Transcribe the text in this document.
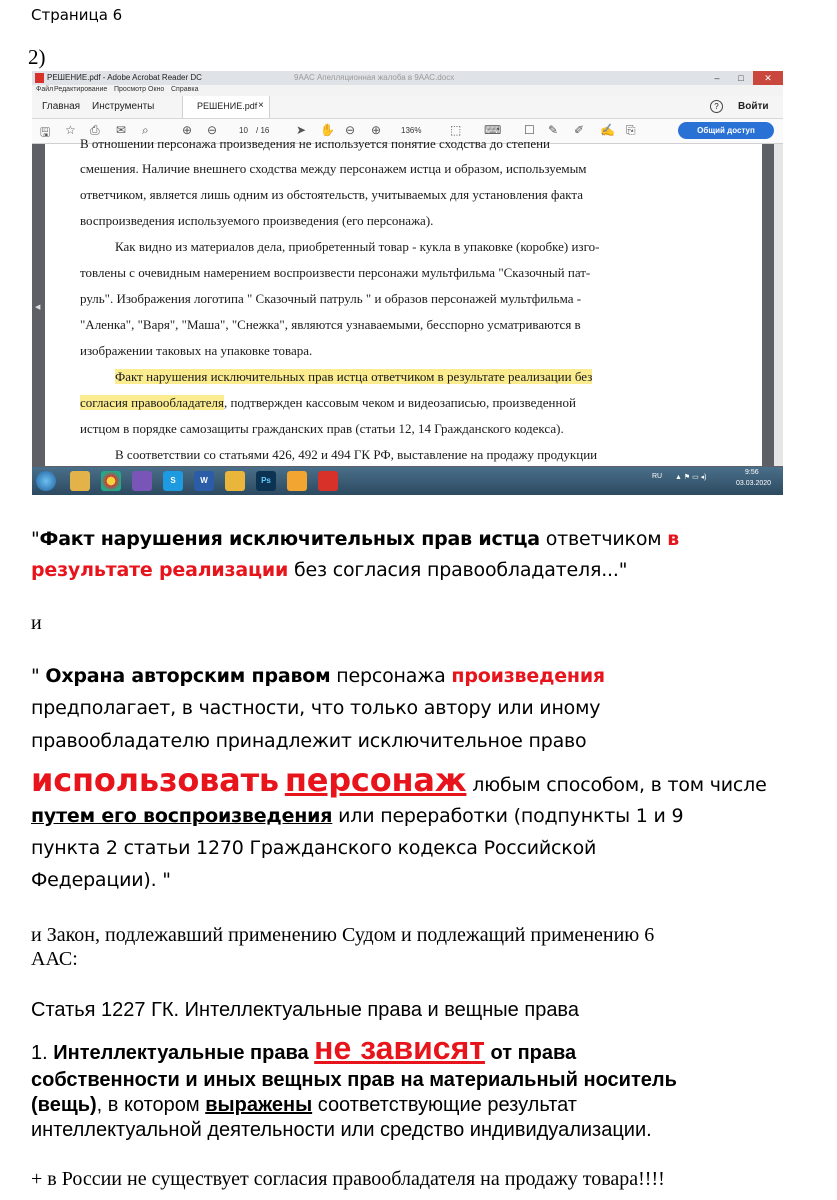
Страница 6
2)
РЕШЕНИЕ.pdf - Adobe Acrobat Reader DC	9ААС Апелляционная жалоба в 9ААС.docx	‒	□	✕
Файл Редактирование Просмотр Окно Справка
Главная Инструменты	РЕШЕНИЕ.pdf ×	?	Войти
🖫 ☆ ⎙ ✉ ⌕	⊕ ⊖	10 / 16 ➤ ✋ ⊖ ⊕ 136% ⬚ ⌨ ☐ ✎ ✐ ✍ ⎘	Общий доступ
◀
В отношении персонажа произведения не используется понятие сходства до степени
смешения. Наличие внешнего сходства между персонажем истца и образом, используемым
ответчиком, является лишь одним из обстоятельств, учитываемых для установления факта
воспроизведения используемого произведения (его персонажа).
Как видно из материалов дела, приобретенный товар - кукла в упаковке (коробке) изго-
товлены с очевидным намерением воспроизвести персонажи мультфильма "Сказочный пат-
руль". Изображения логотипа " Сказочный патруль " и образов персонажей мультфильма -
"Аленка", "Варя", "Маша", "Снежка", являются узнаваемыми, бесспорно усматриваются в
изображении таковых на упаковке товара.
Факт нарушения исключительных прав истца ответчиком в результате реализации без
согласия правообладателя, подтвержден кассовым чеком и видеозаписью, произведенной
истцом в порядке самозащиты гражданских прав (статьи 12, 14 Гражданского кодекса).
В соответствии со статьями 426, 492 и 494 ГК РФ, выставление на продажу продукции
S	W	Ps	RU ▲ ⚑ ▭ ◂)
9:56
03.03.2020
"Факт нарушения исключительных прав истца ответчиком в
результате реализации без согласия правообладателя..."
и
" Охрана авторским правом персонажа произведения
предполагает, в частности, что только автору или иному
правообладателю принадлежит исключительное право
использовать персонаж любым способом, в том числе
путем его воспроизведения или переработки (подпункты 1 и 9
пункта 2 статьи 1270 Гражданского кодекса Российской
Федерации). "
и Закон, подлежавший применению Судом и подлежащий применению 6
ААС:
Статья 1227 ГК. Интеллектуальные права и вещные права
1. Интеллектуальные права не зависят от права
собственности и иных вещных прав на материальный носитель
(вещь), в котором выражены соответствующие результат
интеллектуальной деятельности или средство индивидуализации.
+ в России не существует согласия правообладателя на продажу товара!!!!
